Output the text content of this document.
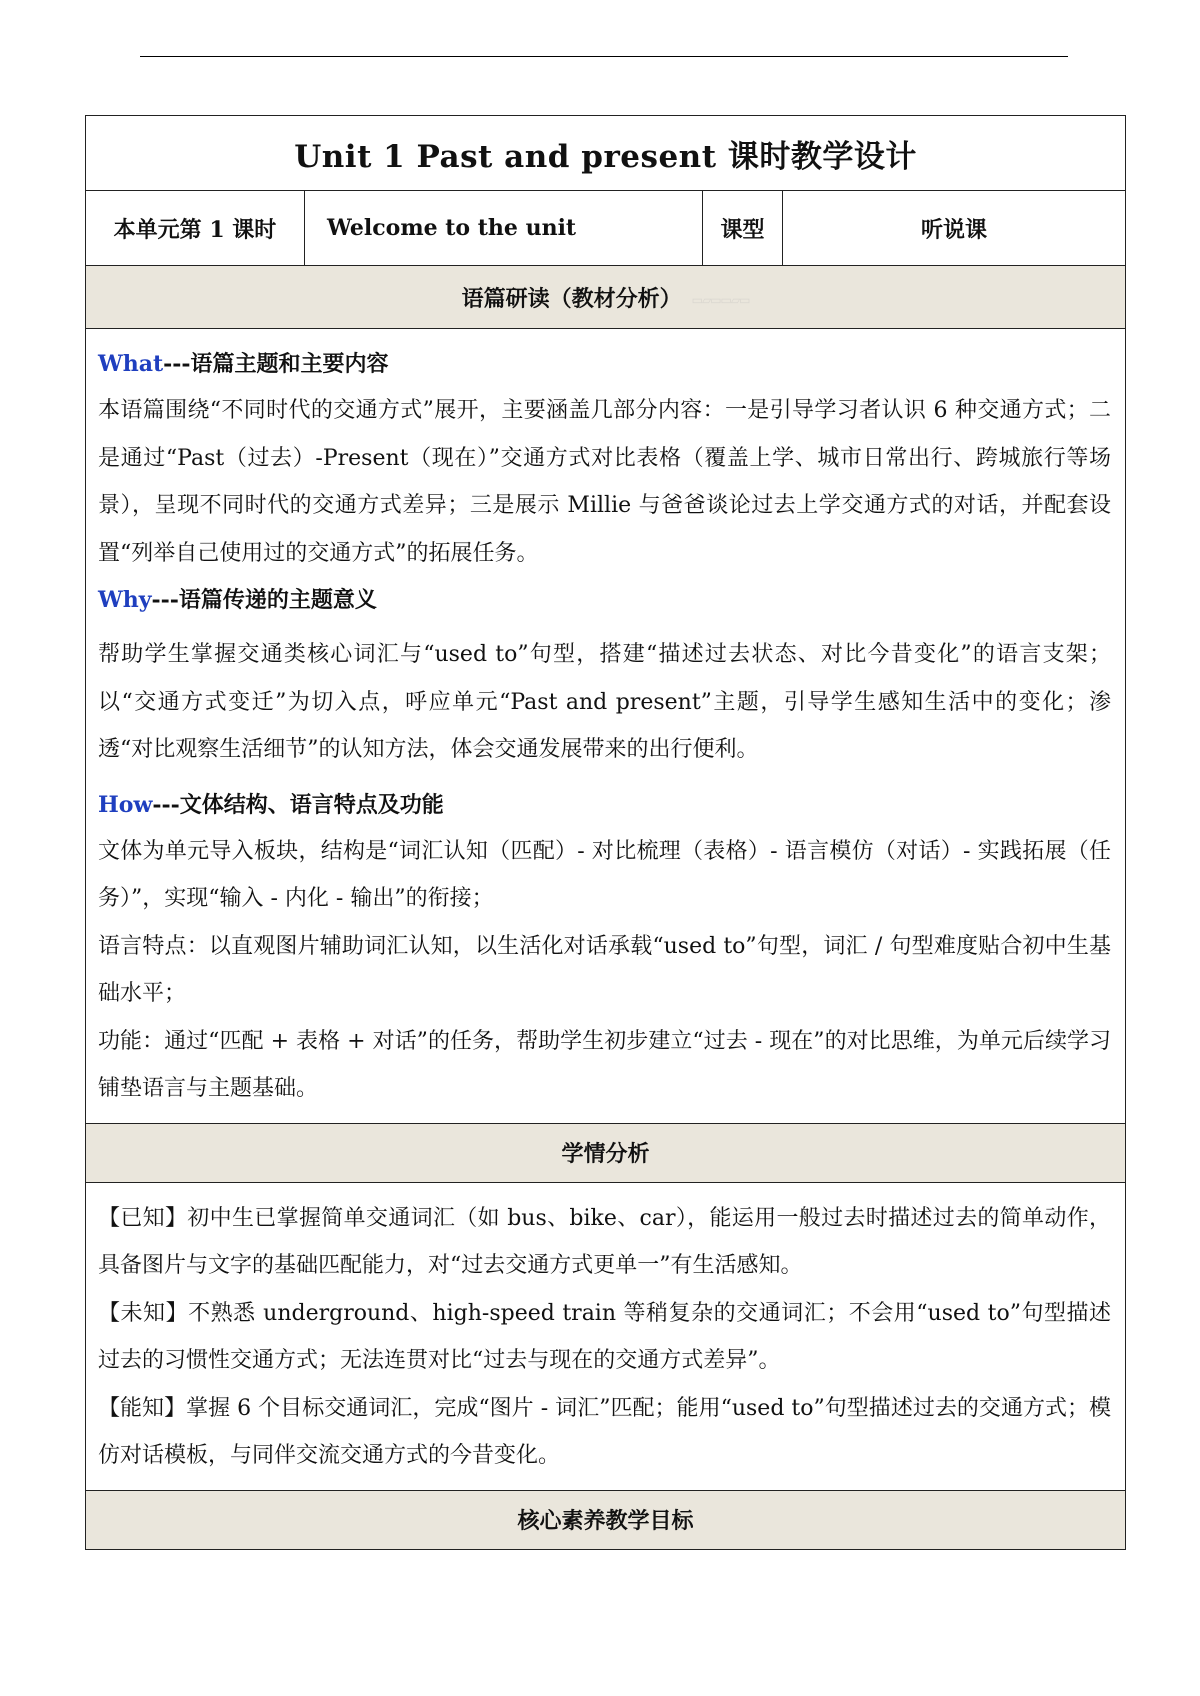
Unit 1 Past and present 课时教学设计
本单元第 1 课时	Welcome to the unit	课型	听说课
语篇研读（教材分析） ▭▱▭▭▱▭

What---语篇主题和主要内容

本语篇围绕“不同时代的交通方式”展开，主要涵盖几部分内容：一是引导学习者认识 6 种交通方式；二是通过“Past（过去）-Present（现在）”交通方式对比表格（覆盖上学、城市日常出行、跨城旅行等场景），呈现不同时代的交通方式差异；三是展示 Millie 与爸爸谈论过去上学交通方式的对话，并配套设置“列举自己使用过的交通方式”的拓展任务。

Why---语篇传递的主题意义

帮助学生掌握交通类核心词汇与“used to”句型，搭建“描述过去状态、对比今昔变化”的语言支架；以“交通方式变迁”为切入点，呼应单元“Past and present”主题，引导学生感知生活中的变化；渗透“对比观察生活细节”的认知方法，体会交通发展带来的出行便利。

How---文体结构、语言特点及功能

文体为单元导入板块，结构是“词汇认知（匹配）- 对比梳理（表格）- 语言模仿（对话）- 实践拓展（任务）”，实现“输入 - 内化 - 输出”的衔接；

语言特点：以直观图片辅助词汇认知，以生活化对话承载“used to”句型，词汇 / 句型难度贴合初中生基础水平；

功能：通过“匹配 + 表格 + 对话”的任务，帮助学生初步建立“过去 - 现在”的对比思维，为单元后续学习铺垫语言与主题基础。

学情分析

【已知】初中生已掌握简单交通词汇（如 bus、bike、car），能运用一般过去时描述过去的简单动作，具备图片与文字的基础匹配能力，对“过去交通方式更单一”有生活感知。

【未知】不熟悉 underground、high-speed train 等稍复杂的交通词汇；不会用“used to”句型描述过去的习惯性交通方式；无法连贯对比“过去与现在的交通方式差异”。

【能知】掌握 6 个目标交通词汇，完成“图片 - 词汇”匹配；能用“used to”句型描述过去的交通方式；模仿对话模板，与同伴交流交通方式的今昔变化。

核心素养教学目标
